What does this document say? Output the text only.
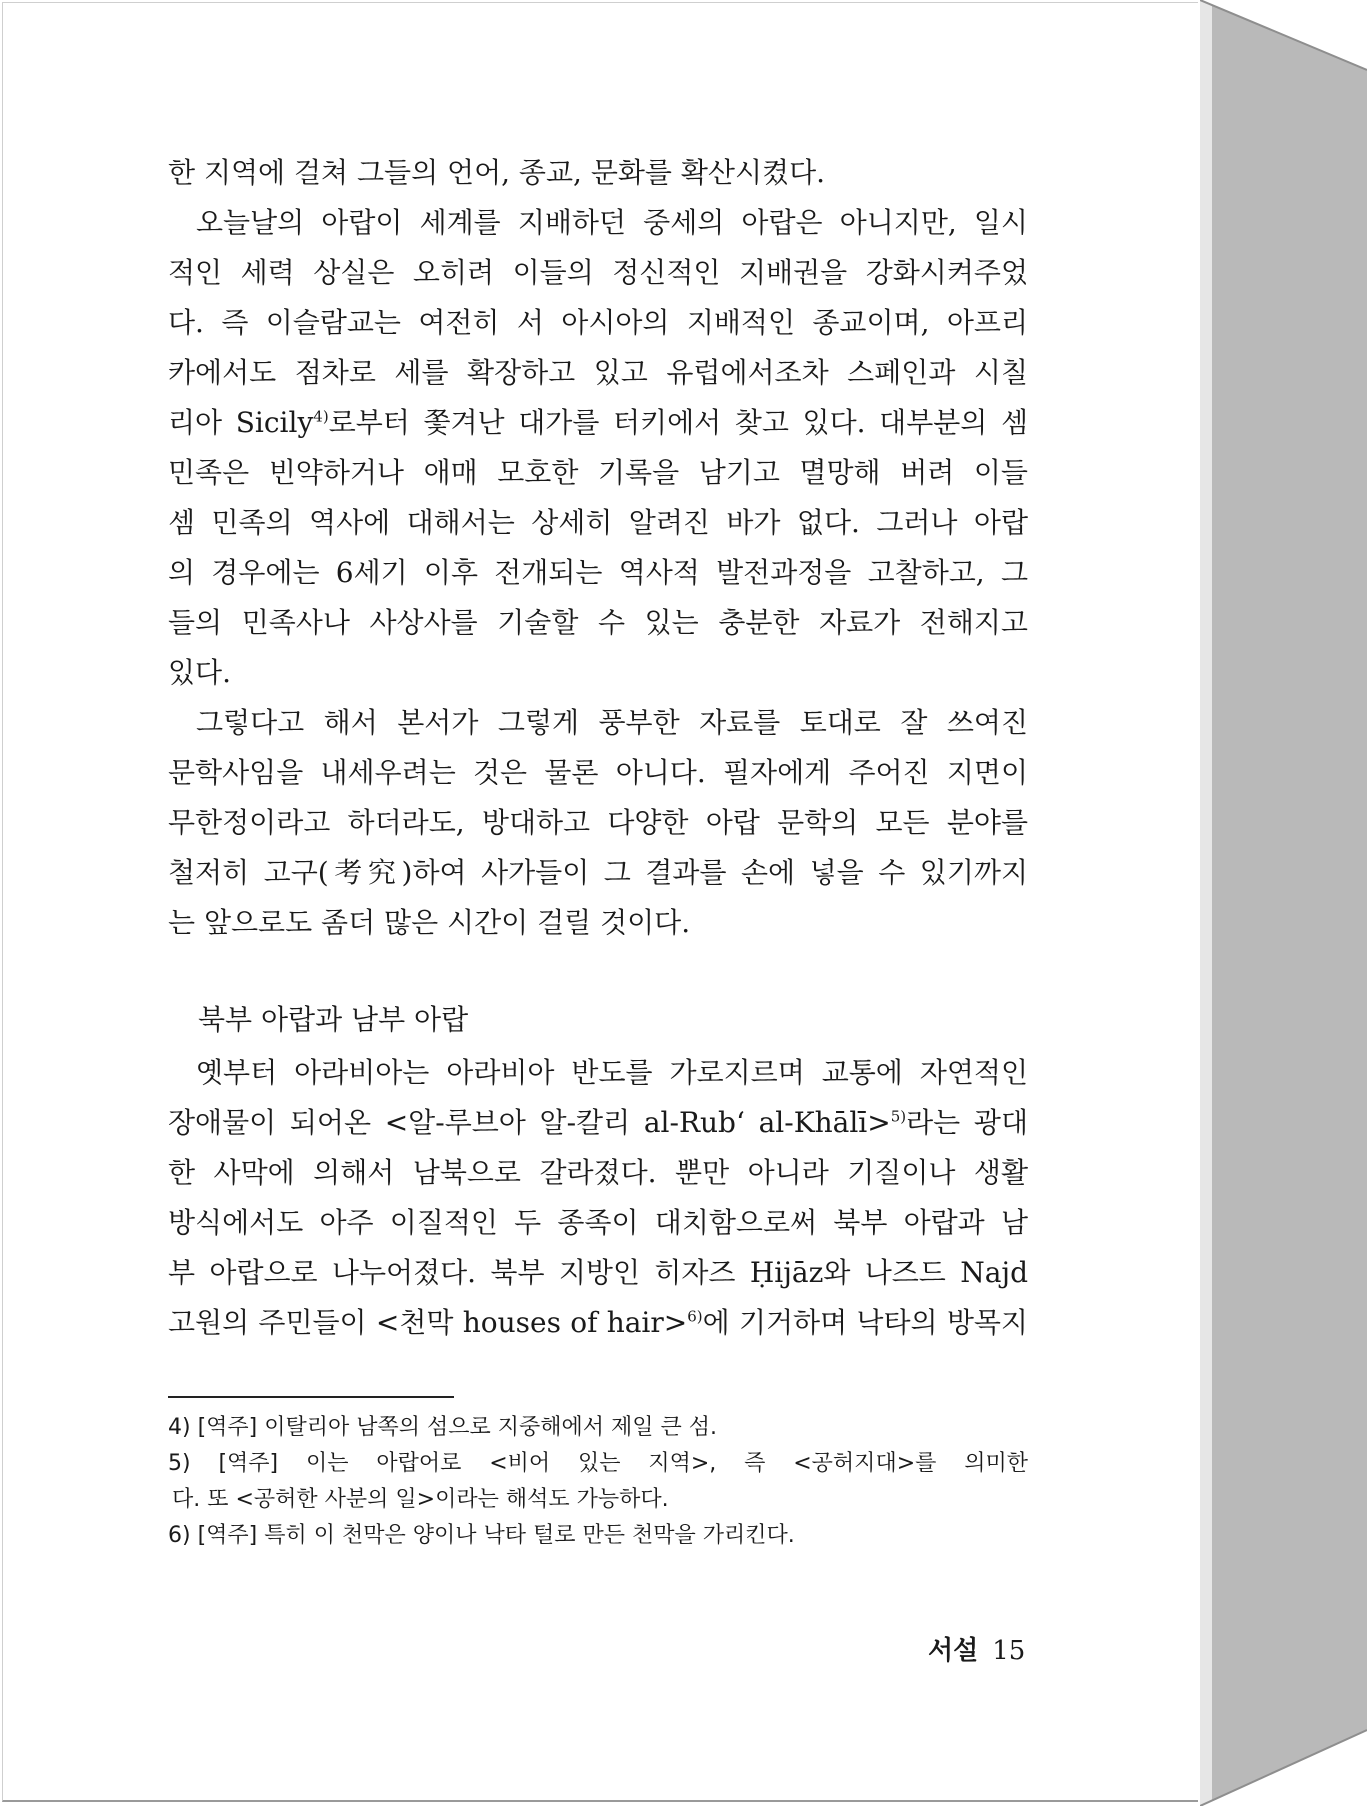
한 지역에 걸쳐 그들의 언어, 종교, 문화를 확산시켰다.
오늘날의 아랍이 세계를 지배하던 중세의 아랍은 아니지만, 일시
적인 세력 상실은 오히려 이들의 정신적인 지배권을 강화시켜주었
다. 즉 이슬람교는 여전히 서 아시아의 지배적인 종교이며, 아프리
카에서도 점차로 세를 확장하고 있고 유럽에서조차 스페인과 시칠
리아 Sicily$^{4)}$로부터 쫓겨난 대가를 터키에서 찾고 있다. 대부분의 셈
민족은 빈약하거나 애매 모호한 기록을 남기고 멸망해 버려 이들
셈 민족의 역사에 대해서는 상세히 알려진 바가 없다. 그러나 아랍
의 경우에는 6세기 이후 전개되는 역사적 발전과정을 고찰하고, 그
들의 민족사나 사상사를 기술할 수 있는 충분한 자료가 전해지고
있다.
그렇다고 해서 본서가 그렇게 풍부한 자료를 토대로 잘 쓰여진
문학사임을 내세우려는 것은 물론 아니다. 필자에게 주어진 지면이
무한정이라고 하더라도, 방대하고 다양한 아랍 문학의 모든 분야를
철저히 고구(考究)하여 사가들이 그 결과를 손에 넣을 수 있기까지
는 앞으로도 좀더 많은 시간이 걸릴 것이다.
북부 아랍과 남부 아랍
옛부터 아라비아는 아라비아 반도를 가로지르며 교통에 자연적인
장애물이 되어온 <알-루브아 알-칼리 al-Rub‘ al-Khālī>$^{5)}$라는 광대
한 사막에 의해서 남북으로 갈라졌다. 뿐만 아니라 기질이나 생활
방식에서도 아주 이질적인 두 종족이 대치함으로써 북부 아랍과 남
부 아랍으로 나누어졌다. 북부 지방인 히자즈 Ḥijāz와 나즈드 Najd
고원의 주민들이 <천막 houses of hair>$^{6)}$에 기거하며 낙타의 방목지
4) [역주] 이탈리아 남쪽의 섬으로 지중해에서 제일 큰 섬.
5) [역주] 이는 아랍어로 <비어 있는 지역>, 즉 <공허지대>를 의미한
다. 또 <공허한 사분의 일>이라는 해석도 가능하다.
6) [역주] 특히 이 천막은 양이나 낙타 털로 만든 천막을 가리킨다.
서설 15
